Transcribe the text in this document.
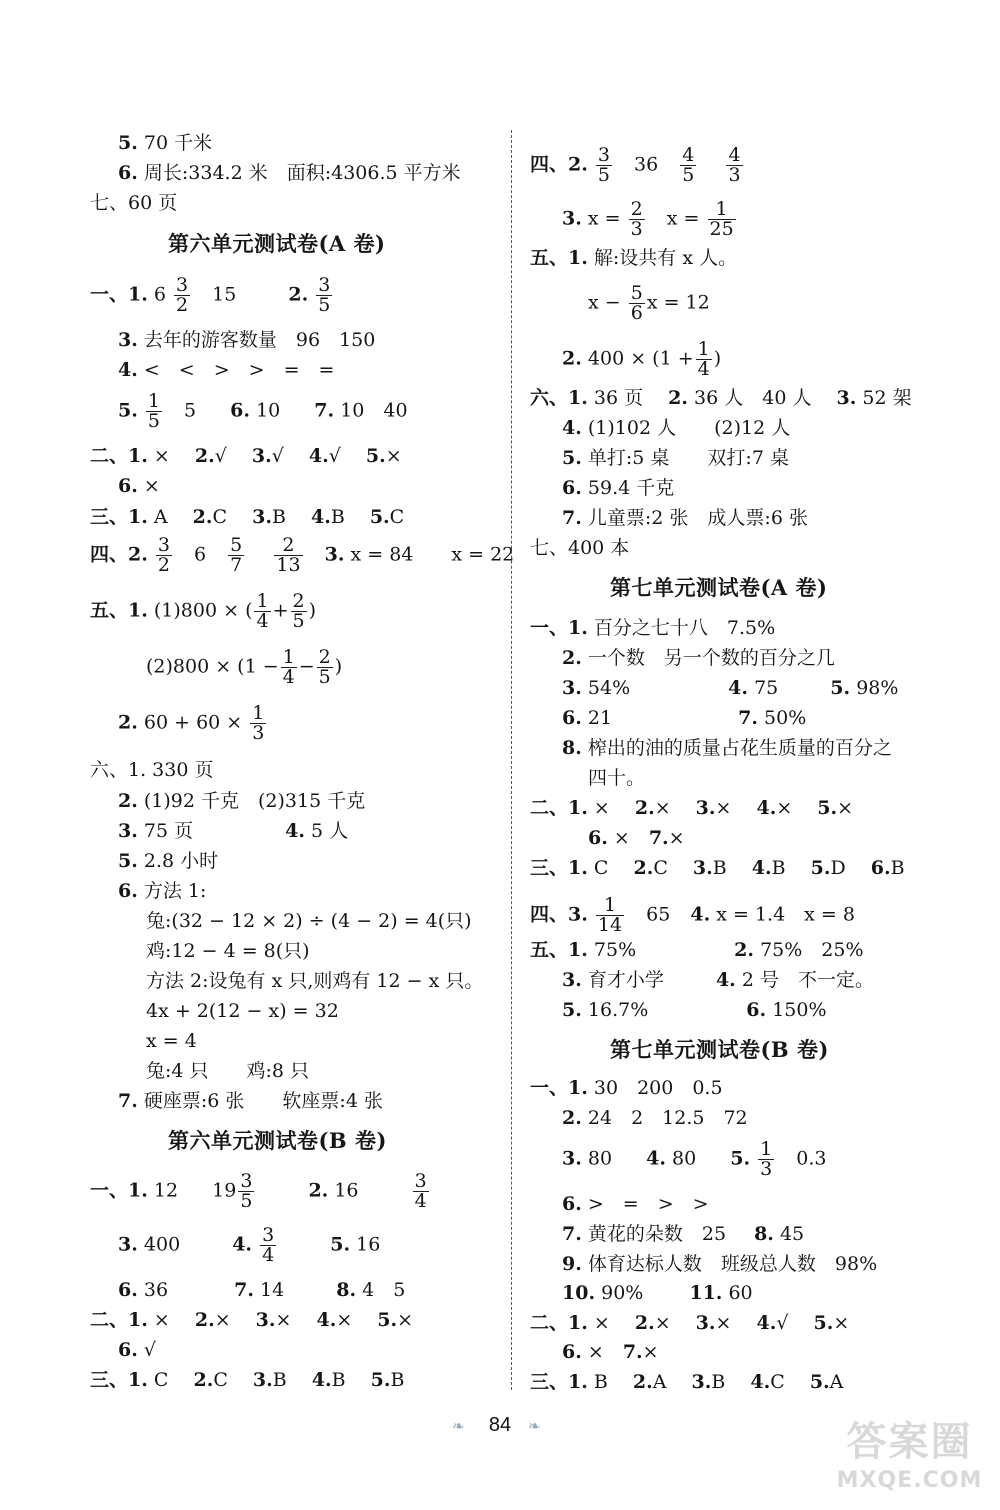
5. 70 千米
6. 周长:334.2 米　面积:4306.5 平方米
七、60 页
第六单元测试卷(A 卷)
一、1. $6 \frac{3}{2} 15$	2. $\frac{3}{5}$
3. 去年的游客数量　96　150
4. <　<　>　>　=　=
5. $\frac{1}{5} 5$ 6. 10 7. 10　40
二、1. ×　 2.√　 3.√　 4.√　 5.×
6. ×
三、1. A　 2.C　 3.B　 4.B　 5.C
四、2. $\frac{3}{2} 6 \frac{5}{7}$
$\frac{2}{13} 3$. x = 84　　x = 22
五、1. (1)800 × ( $\frac{1}{4} + \frac{2}{5}$ )
$(2)800 \times (1 - \frac{1}{4} - \frac{2}{5}$ )
2. $60 + 60 \times \frac{1}{3}$
六、1. 330 页
2. (1)92 千克　(2)315 千克
3. 75 页	4. 5 人
5. 2.8 小时
6. 方法 1:
兔:(32 − 12 × 2) ÷ (4 − 2) = 4(只)
鸡:12 − 4 = 8(只)
方法 2:设兔有 x 只,则鸡有 12 − x 只。
4x + 2(12 − x) = 32
x = 4
兔:4 只　　鸡:8 只
7. 硬座票:6 张　　软座票:4 张
第六单元测试卷(B 卷)
一、1. 12 $19 \frac{3}{5}$	2. 16	$\frac{3}{4}$
3. 400	4. $\frac{3}{4}$	5. 16
6. 36	7. 14	8. 4　5
二、1. ×　 2.×　 3.×　 4.×　 5.×
6. √
三、1. C　 2.C　 3.B　 4.B　 5.B
四、2. $\frac{3}{5} 36 \frac{4}{5}$
$\frac{4}{3}$
3. $x = \frac{2}{3}$ $x = \frac{1}{25}$
五、1. 解:设共有 x 人。
$x - \frac{5}{6}$ x = 12
2. $400 \times (1 + \frac{1}{4}$ )
六、1. 36 页　 2. 36 人　40 人　 3. 52 架
4. (1)102 人　　(2)12 人
5. 单打:5 桌　　双打:7 桌
6. 59.4 千克
7. 儿童票:2 张　成人票:6 张
七、400 本
第七单元测试卷(A 卷)
一、1. 百分之七十八　7.5%
2. 一个数　另一个数的百分之几
3. 54%	4. 75	5. 98%
6. 21	7. 50%
8. 榨出的油的质量占花生质量的百分之
四十。
二、1. ×　 2.×　 3.×　 4.×　 5.×
6. ×　7.×
三、1. C　 2.C　 3.B　 4.B　 5.D　 6.B
四、3. $\frac{1}{14} 65$ 4. x = 1.4　x = 8
五、1. 75%	2. 75%　25%
3. 育才小学	4. 2 号　不一定。
5. 16.7%	6. 150%
第七单元测试卷(B 卷)
一、1. 30　200　0.5
2. 24　2　12.5　72
3. 80 4. 80 5. $\frac{1}{3} 0.3$
6. >　=　>　>
7. 黄花的朵数　25 8. 45
9. 体育达标人数　班级总人数　98%
10. 90% 11. 60
二、1. ×　 2.×　 3.×　 4.√　 5.×
6. ×　7.×
三、1. B　 2.A　 3.B　 4.C　 5.A
❧	84	❧	答案圈
MXQE.COM
